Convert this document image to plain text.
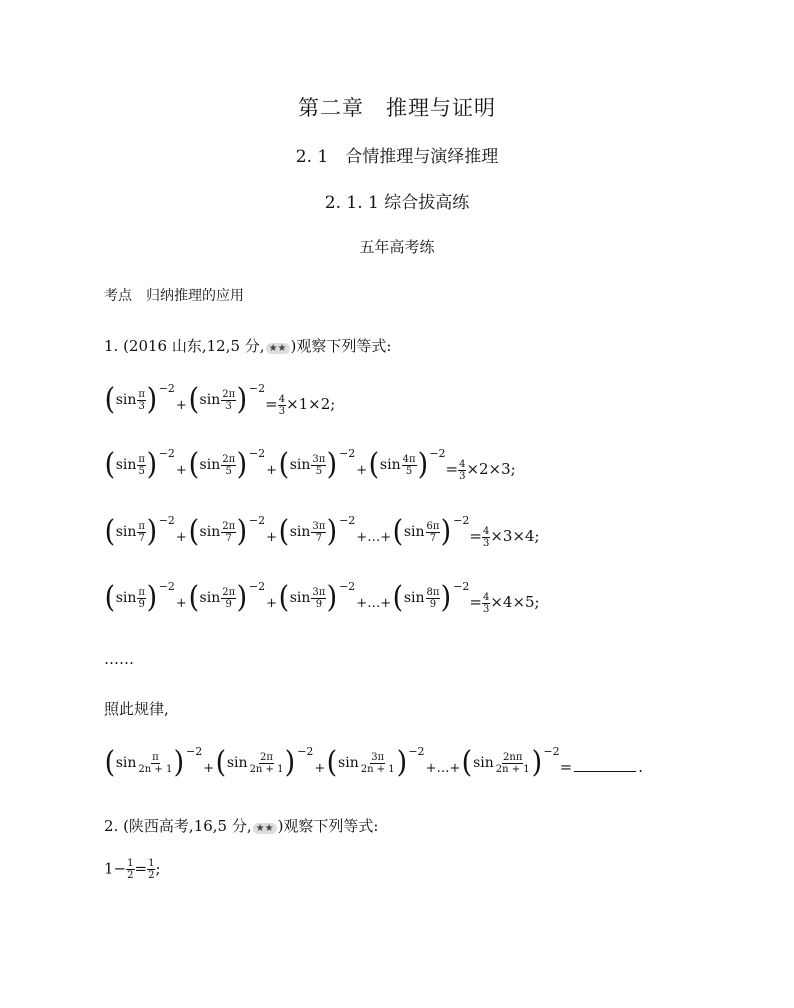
第二章　推理与证明
2. 1　合情推理与演绎推理
2. 1. 1 综合拔高练
五年高考练
考点　归纳推理的应用
1. (2016 山东,12,5 分, ★★ )观察下列等式:
( $\sin \frac{\pi}{3}$ ) −2
+ ( $\sin \frac{2\pi}{3}$ ) −2
= $\frac{4}{3} \times 1\times 2$;
( $\sin \frac{\pi}{5}$ ) −2
+ ( $\sin \frac{2\pi}{5}$ ) −2
+ ( $\sin \frac{3\pi}{5}$ ) −2
+ ( $\sin \frac{4\pi}{5}$ ) −2
= $\frac{4}{3} \times 2\times 3$;
( $\sin \frac{\pi}{7}$ ) −2
+ ( $\sin \frac{2\pi}{7}$ ) −2
+ ( $\sin \frac{3\pi}{7}$ ) −2
+…+ ( $\sin \frac{6\pi}{7}$ ) −2
= $\frac{4}{3} \times 3\times 4$;
( $\sin \frac{\pi}{9}$ ) −2
+ ( $\sin \frac{2\pi}{9}$ ) −2
+ ( $\sin \frac{3\pi}{9}$ ) −2
+…+ ( $\sin \frac{8\pi}{9}$ ) −2
= $\frac{4}{3} \times 4\times 5$;
……
照此规律,
( $\sin \frac{\pi}{2n + 1}$ ) −2
+ ( $\sin \frac{2\pi}{2n + 1}$ ) −2
+ ( $\sin \frac{3\pi}{2n + 1}$ ) −2
+…+ ( $\sin \frac{2n\pi}{2n + 1}$ ) −2
=	.
2. (陕西高考,16,5 分, ★★ )观察下列等式:
$1- \frac{1}{2} = \frac{1}{2}$ ;
